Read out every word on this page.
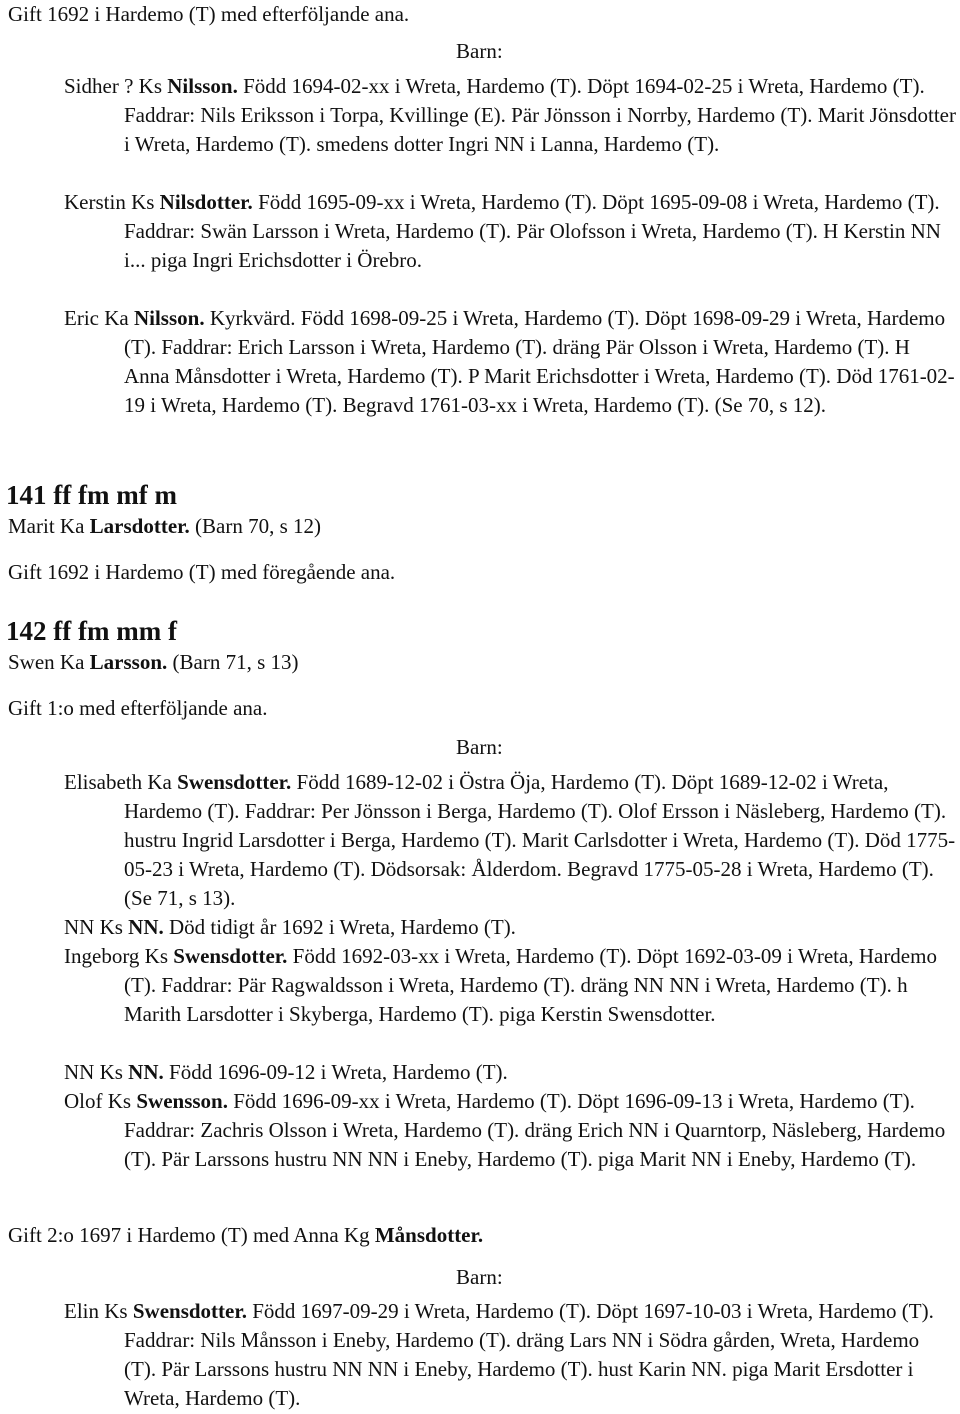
Gift 1692 i Hardemo (T) med efterföljande ana.

Barn:

Sidher ? Ks Nilsson. Född 1694-02-xx i Wreta, Hardemo (T). Döpt 1694-02-25 i Wreta, Hardemo (T). Faddrar: Nils Eriksson i Torpa, Kvillinge (E). Pär Jönsson i Norrby, Hardemo (T). Marit Jönsdotter i Wreta, Hardemo (T). smedens dotter Ingri NN i Lanna, Hardemo (T).

Kerstin Ks Nilsdotter. Född 1695-09-xx i Wreta, Hardemo (T). Döpt 1695-09-08 i Wreta, Hardemo (T). Faddrar: Swän Larsson i Wreta, Hardemo (T). Pär Olofsson i Wreta, Hardemo (T). H Kerstin NN i... piga Ingri Erichsdotter i Örebro.

Eric Ka Nilsson. Kyrkvärd. Född 1698-09-25 i Wreta, Hardemo (T). Döpt 1698-09-29 i Wreta, Hardemo (T). Faddrar: Erich Larsson i Wreta, Hardemo (T). dräng Pär Olsson i Wreta, Hardemo (T). H Anna Månsdotter i Wreta, Hardemo (T). P Marit Erichsdotter i Wreta, Hardemo (T). Död 1761-02-19 i Wreta, Hardemo (T). Begravd 1761-03-xx i Wreta, Hardemo (T). (Se 70, s 12).

141 ff fm mf m

Marit Ka Larsdotter. (Barn 70, s 12)

Gift 1692 i Hardemo (T) med föregående ana.

142 ff fm mm f

Swen Ka Larsson. (Barn 71, s 13)

Gift 1:o med efterföljande ana.

Barn:

Elisabeth Ka Swensdotter. Född 1689-12-02 i Östra Öja, Hardemo (T). Döpt 1689-12-02 i Wreta, Hardemo (T). Faddrar: Per Jönsson i Berga, Hardemo (T). Olof Ersson i Näsleberg, Hardemo (T). hustru Ingrid Larsdotter i Berga, Hardemo (T). Marit Carlsdotter i Wreta, Hardemo (T). Död 1775-05-23 i Wreta, Hardemo (T). Dödsorsak: Ålderdom. Begravd 1775-05-28 i Wreta, Hardemo (T). (Se 71, s 13).

NN Ks NN. Död tidigt år 1692 i Wreta, Hardemo (T).

Ingeborg Ks Swensdotter. Född 1692-03-xx i Wreta, Hardemo (T). Döpt 1692-03-09 i Wreta, Hardemo (T). Faddrar: Pär Ragwaldsson i Wreta, Hardemo (T). dräng NN NN i Wreta, Hardemo (T). h Marith Larsdotter i Skyberga, Hardemo (T). piga Kerstin Swensdotter.

NN Ks NN. Född 1696-09-12 i Wreta, Hardemo (T).

Olof Ks Swensson. Född 1696-09-xx i Wreta, Hardemo (T). Döpt 1696-09-13 i Wreta, Hardemo (T). Faddrar: Zachris Olsson i Wreta, Hardemo (T). dräng Erich NN i Quarntorp, Näsleberg, Hardemo (T). Pär Larssons hustru NN NN i Eneby, Hardemo (T). piga Marit NN i Eneby, Hardemo (T).

Gift 2:o 1697 i Hardemo (T) med Anna Kg Månsdotter.

Barn:

Elin Ks Swensdotter. Född 1697-09-29 i Wreta, Hardemo (T). Döpt 1697-10-03 i Wreta, Hardemo (T). Faddrar: Nils Månsson i Eneby, Hardemo (T). dräng Lars NN i Södra gården, Wreta, Hardemo (T). Pär Larssons hustru NN NN i Eneby, Hardemo (T). hust Karin NN. piga Marit Ersdotter i Wreta, Hardemo (T).
